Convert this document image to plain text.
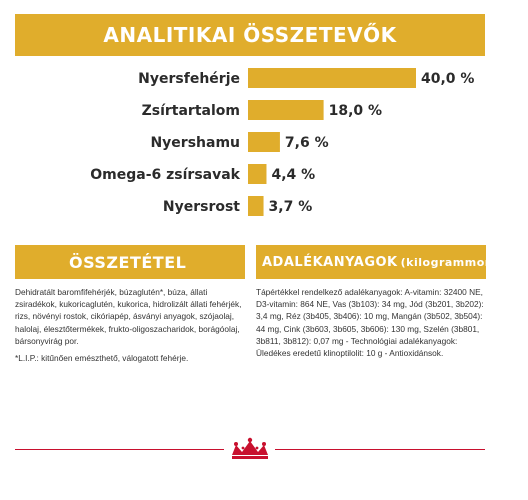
ANALITIKAI ÖSSZETEVŐK
Nyersfehérje	40,0 %
Zsírtartalom	18,0 %
Nyershamu	7,6 %
Omega-6 zsírsavak 4,4 %
Nyersrost 3,7 %
ÖSSZETÉTEL
Dehidratált baromfifehérjék, búzaglutén*, búza, állati zsiradékok, kukoricaglutén, kukorica, hidrolizált állati fehérjék, rizs, növényi rostok, cikóriapép, ásványi anyagok, szójaolaj, halolaj, élesztőtermékek, frukto-oligoszacharidok, borágóolaj, bársonyvirág por.
*L.I.P.: kitűnően emészthető, válogatott fehérje.
ADALÉKANYAGOK (kilogrammonként)
Tápértékkel rendelkező adalékanyagok: A-vitamin: 32400 NE, D3-vitamin: 864 NE, Vas (3b103): 34 mg, Jód (3b201, 3b202): 3,4 mg, Réz (3b405, 3b406): 10 mg, Mangán (3b502, 3b504): 44 mg, Cink (3b603, 3b605, 3b606): 130 mg, Szelén (3b801, 3b811, 3b812): 0,07 mg - Technológiai adalékanyagok: Üledékes eredetű klinoptilolit: 10 g - Antioxidánsok.
